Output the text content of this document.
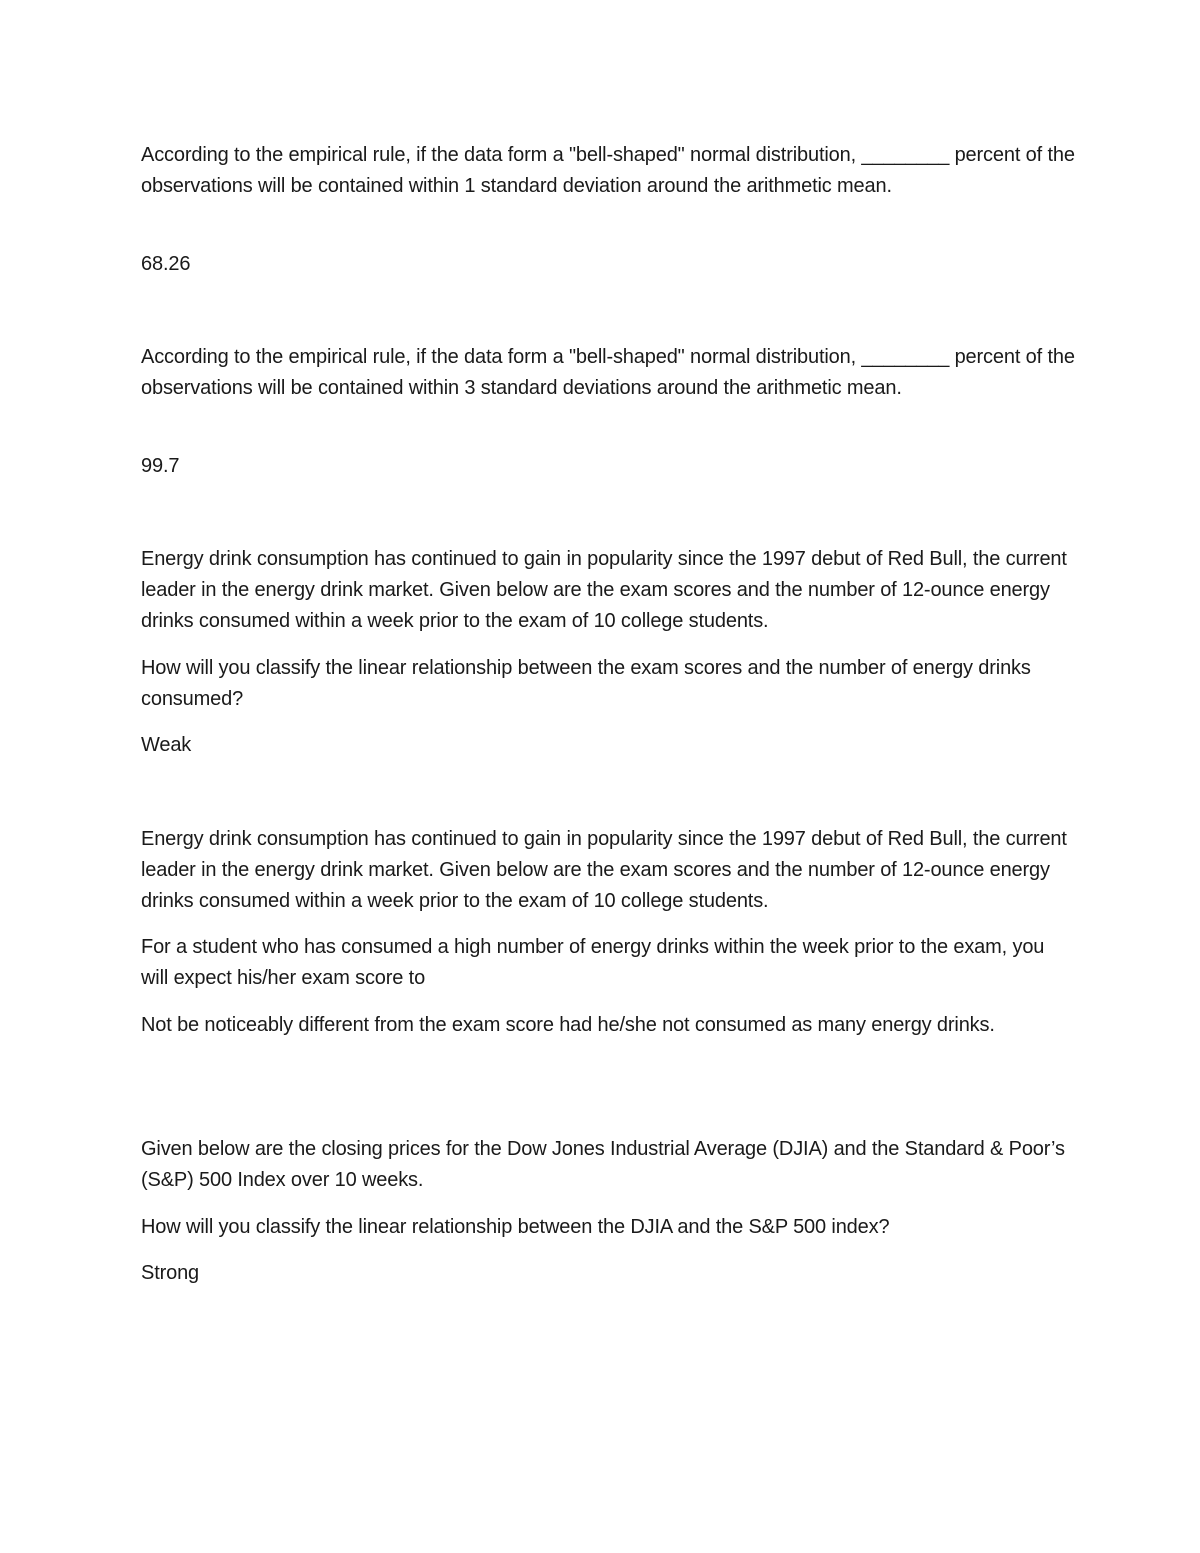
According to the empirical rule, if the data form a "bell-shaped" normal distribution, ________ percent of the observations will be contained within 1 standard deviation around the arithmetic mean.

68.26

According to the empirical rule, if the data form a "bell-shaped" normal distribution, ________ percent of the observations will be contained within 3 standard deviations around the arithmetic mean.

99.7

Energy drink consumption has continued to gain in popularity since the 1997 debut of Red Bull, the current leader in the energy drink market. Given below are the exam scores and the number of 12-ounce energy drinks consumed within a week prior to the exam of 10 college students.

How will you classify the linear relationship between the exam scores and the number of energy drinks consumed?

Weak

Energy drink consumption has continued to gain in popularity since the 1997 debut of Red Bull, the current leader in the energy drink market. Given below are the exam scores and the number of 12-ounce energy drinks consumed within a week prior to the exam of 10 college students.

For a student who has consumed a high number of energy drinks within the week prior to the exam, you will expect his/her exam score to

Not be noticeably different from the exam score had he/she not consumed as many energy drinks.

Given below are the closing prices for the Dow Jones Industrial Average (DJIA) and the Standard & Poor’s (S&P) 500 Index over 10 weeks.

How will you classify the linear relationship between the DJIA and the S&P 500 index?

Strong
